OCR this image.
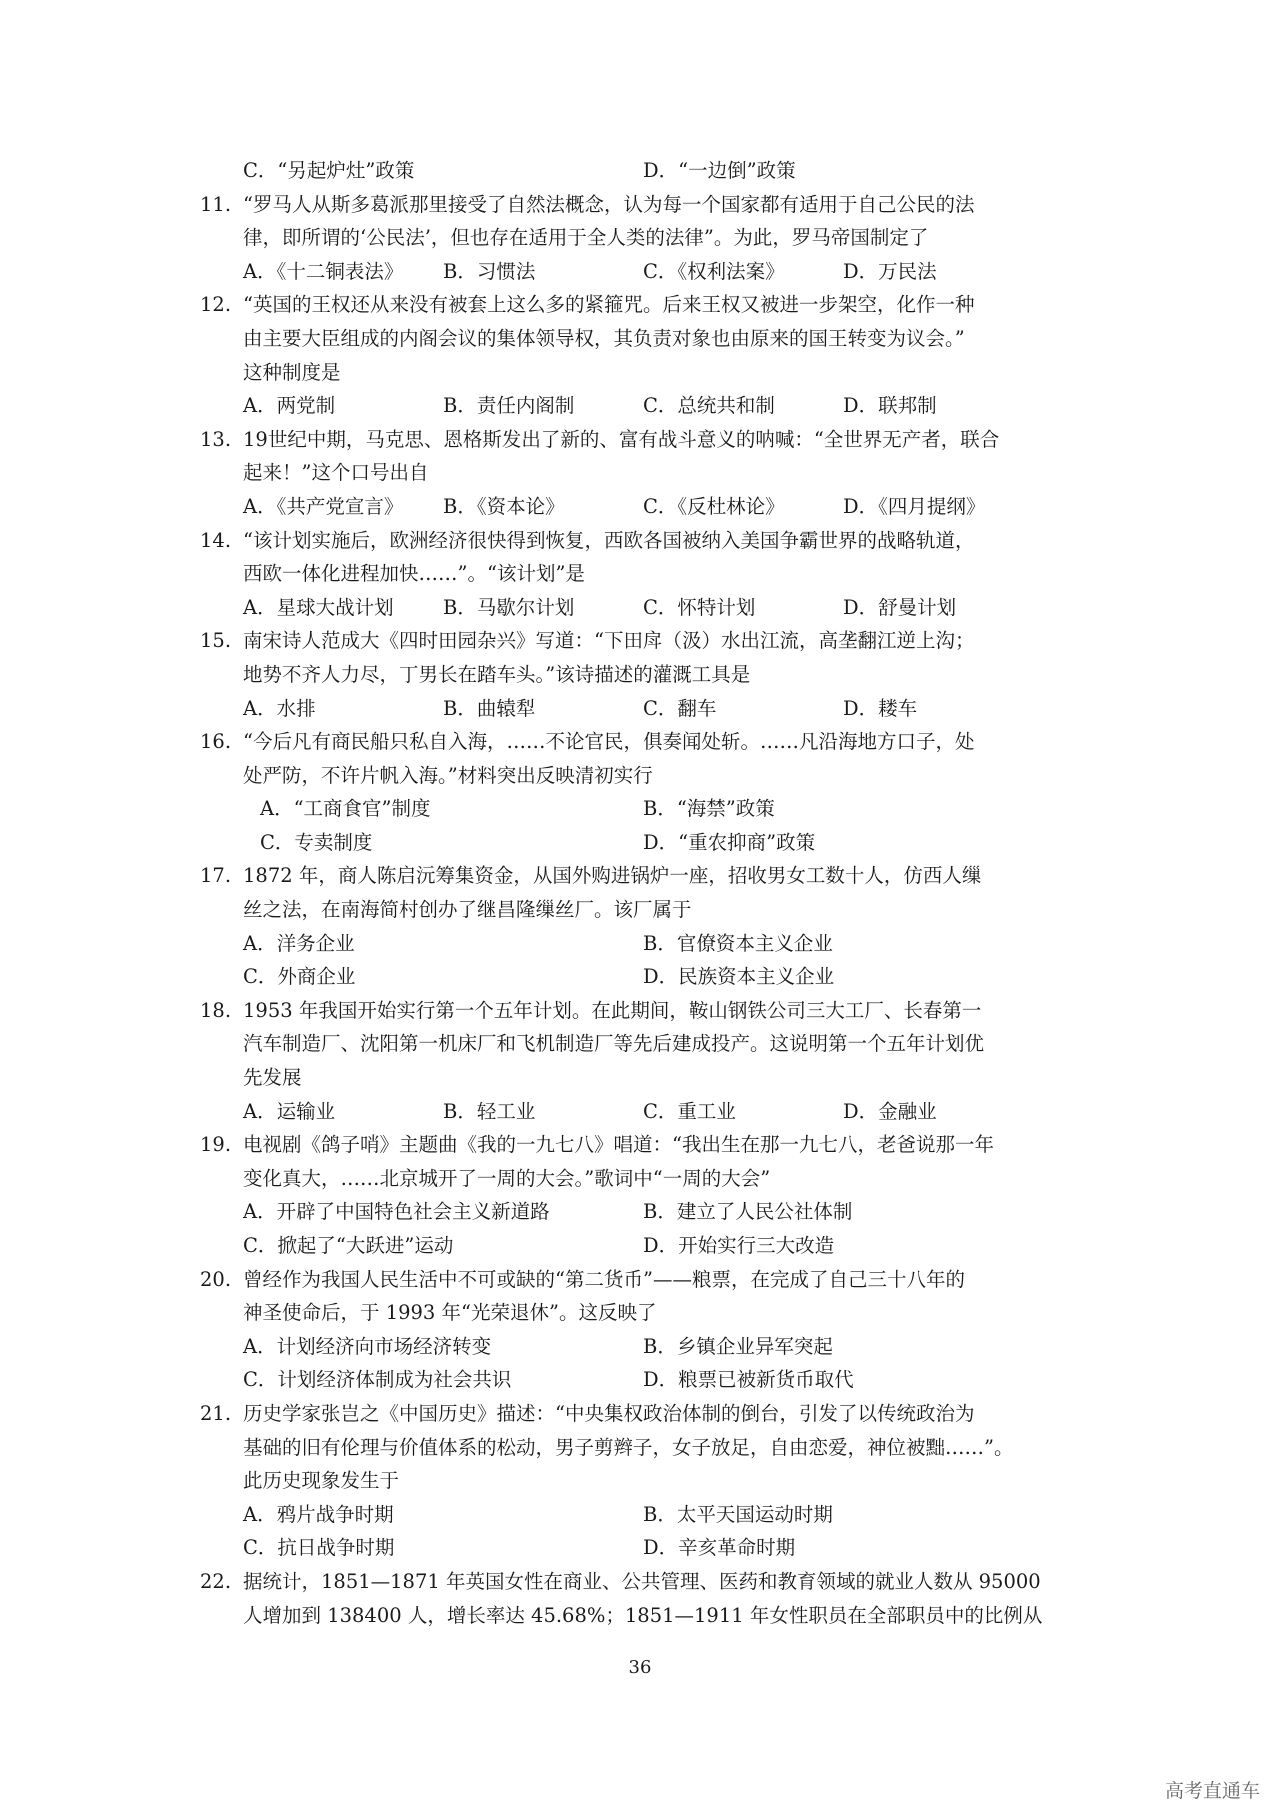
C．“另起炉灶”政策	D．“一边倒”政策
11. “罗马人从斯多葛派那里接受了自然法概念，认为每一个国家都有适用于自己公民的法
律，即所谓的‘公民法’，但也存在适用于全人类的法律”。为此，罗马帝国制定了
A．《十二铜表法》 B．习惯法	C．《权利法案》	D．万民法
12. “英国的王权还从来没有被套上这么多的紧箍咒。后来王权又被进一步架空，化作一种
由主要大臣组成的内阁会议的集体领导权，其负责对象也由原来的国王转变为议会。”
这种制度是
A．两党制	B．责任内阁制	C．总统共和制	D．联邦制
13. 19世纪中期，马克思、恩格斯发出了新的、富有战斗意义的呐喊：“全世界无产者，联合
起来！”这个口号出自
A．《共产党宣言》 B．《资本论》	C．《反杜林论》	D．《四月提纲》
14. “该计划实施后，欧洲经济很快得到恢复，西欧各国被纳入美国争霸世界的战略轨道，
西欧一体化进程加快……”。“该计划”是
A．星球大战计划	B．马歇尔计划	C．怀特计划	D．舒曼计划
15. 南宋诗人范成大《四时田园杂兴》写道：“下田戽（汲）水出江流，高垄翻江逆上沟；
地势不齐人力尽，丁男长在踏车头。”该诗描述的灌溉工具是
A．水排	B．曲辕犁	C．翻车	D．耧车
16. “今后凡有商民船只私自入海，……不论官民，俱奏闻处斩。……凡沿海地方口子，处
处严防，不许片帆入海。”材料突出反映清初实行
A．“工商食官”制度	B．“海禁”政策
C．专卖制度	D．“重农抑商”政策
17. 1872 年，商人陈启沅筹集资金，从国外购进锅炉一座，招收男女工数十人，仿西人缫
丝之法，在南海简村创办了继昌隆缫丝厂。该厂属于
A．洋务企业	B．官僚资本主义企业
C．外商企业	D．民族资本主义企业
18. 1953 年我国开始实行第一个五年计划。在此期间，鞍山钢铁公司三大工厂、长春第一
汽车制造厂、沈阳第一机床厂和飞机制造厂等先后建成投产。这说明第一个五年计划优
先发展
A．运输业	B．轻工业	C．重工业	D．金融业
19. 电视剧《鸽子哨》主题曲《我的一九七八》唱道：“我出生在那一九七八，老爸说那一年
变化真大，……北京城开了一周的大会。”歌词中“一周的大会”
A．开辟了中国特色社会主义新道路	B．建立了人民公社体制
C．掀起了“大跃进”运动	D．开始实行三大改造
20. 曾经作为我国人民生活中不可或缺的“第二货币”——粮票，在完成了自己三十八年的
神圣使命后，于 1993 年“光荣退休”。这反映了
A．计划经济向市场经济转变	B．乡镇企业异军突起
C．计划经济体制成为社会共识	D．粮票已被新货币取代
21. 历史学家张岂之《中国历史》描述：“中央集权政治体制的倒台，引发了以传统政治为
基础的旧有伦理与价值体系的松动，男子剪辫子，女子放足，自由恋爱，神位被黜……”。
此历史现象发生于
A．鸦片战争时期	B．太平天国运动时期
C．抗日战争时期	D．辛亥革命时期
22. 据统计，1851—1871 年英国女性在商业、公共管理、医药和教育领域的就业人数从 95000
人增加到 138400 人，增长率达 45.68%；1851—1911 年女性职员在全部职员中的比例从
36
高考直通车
